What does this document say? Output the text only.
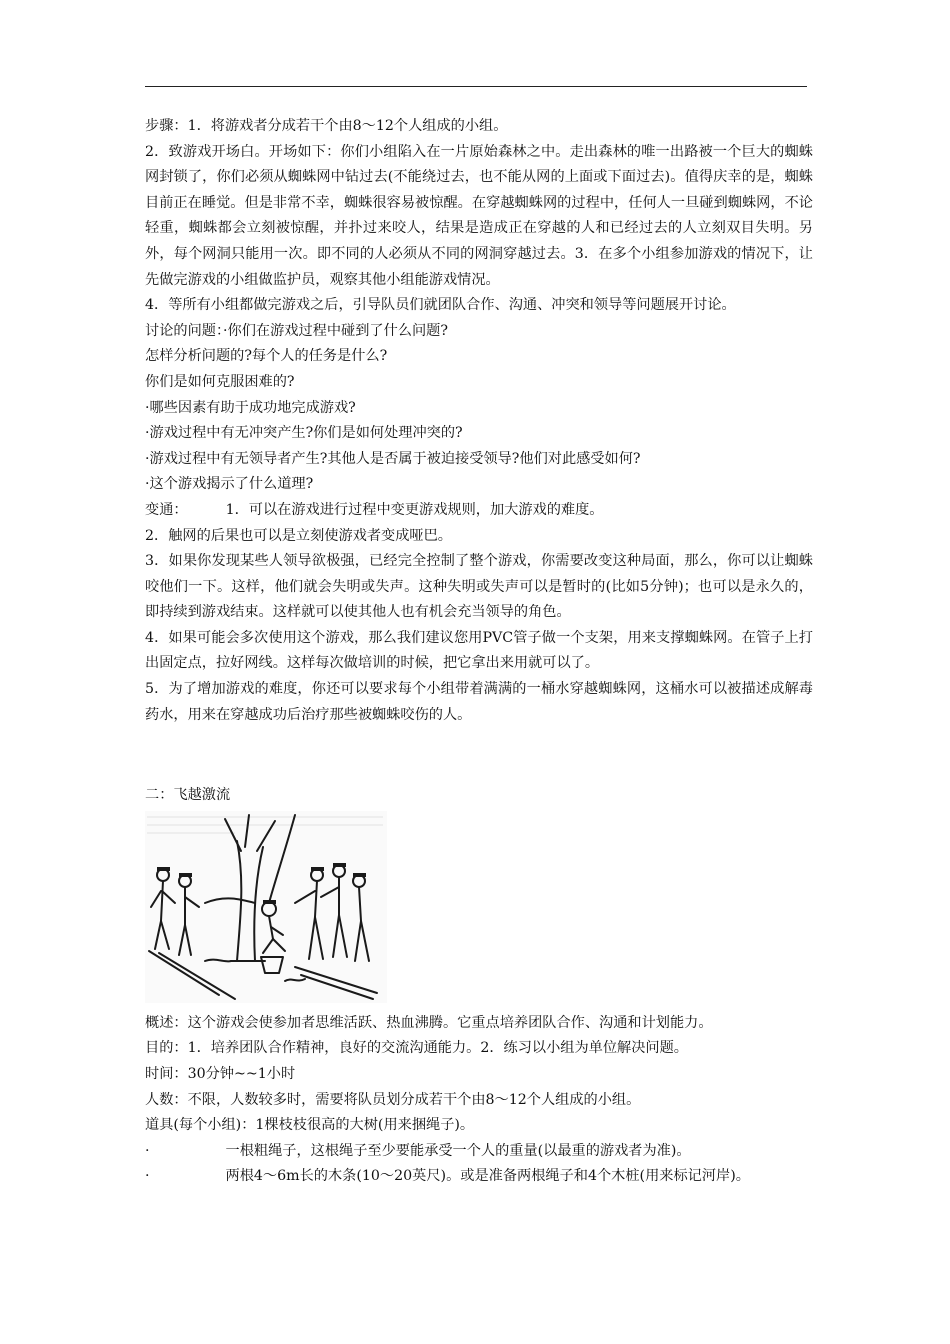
步骤：1．将游戏者分成若干个由8～12个人组成的小组。

2．致游戏开场白。开场如下：你们小组陷入在一片原始森林之中。走出森林的唯一出路被一个巨大的蜘蛛网封锁了，你们必须从蜘蛛网中钻过去(不能绕过去，也不能从网的上面或下面过去)。值得庆幸的是，蜘蛛目前正在睡觉。但是非常不幸，蜘蛛很容易被惊醒。在穿越蜘蛛网的过程中，任何人一旦碰到蜘蛛网，不论轻重，蜘蛛都会立刻被惊醒，并扑过来咬人，结果是造成正在穿越的人和已经过去的人立刻双目失明。另外，每个网洞只能用一次。即不同的人必须从不同的网洞穿越过去。3．在多个小组参加游戏的情况下，让先做完游戏的小组做监护员，观察其他小组能游戏情况。

4．等所有小组都做完游戏之后，引导队员们就团队合作、沟通、冲突和领导等问题展开讨论。

讨论的问题：·你们在游戏过程中碰到了什么问题?

怎样分析问题的?每个人的任务是什么?

你们是如何克服困难的?

·哪些因素有助于成功地完成游戏?

·游戏过程中有无冲突产生?你们是如何处理冲突的?

·游戏过程中有无领导者产生?其他人是否属于被迫接受领导?他们对此感受如何?

·这个游戏揭示了什么道理?

变通：	1．可以在游戏进行过程中变更游戏规则，加大游戏的难度。

2．触网的后果也可以是立刻使游戏者变成哑巴。

3．如果你发现某些人领导欲极强，已经完全控制了整个游戏，你需要改变这种局面，那么，你可以让蜘蛛咬他们一下。这样，他们就会失明或失声。这种失明或失声可以是暂时的(比如5分钟)；也可以是永久的，即持续到游戏结束。这样就可以使其他人也有机会充当领导的角色。

4．如果可能会多次使用这个游戏，那么我们建议您用PVC管子做一个支架，用来支撑蜘蛛网。在管子上打出固定点，拉好网线。这样每次做培训的时候，把它拿出来用就可以了。

5．为了增加游戏的难度，你还可以要求每个小组带着满满的一桶水穿越蜘蛛网，这桶水可以被描述成解毒药水，用来在穿越成功后治疗那些被蜘蛛咬伤的人。

二：飞越激流

概述：这个游戏会使参加者思维活跃、热血沸腾。它重点培养团队合作、沟通和计划能力。

目的：1．培养团队合作精神，良好的交流沟通能力。2．练习以小组为单位解决问题。

时间：30分钟~~1小时

人数：不限，人数较多时，需要将队员划分成若干个由8～12个人组成的小组。

道具(每个小组)：1棵枝枝很高的大树(用来捆绳子)。

·	一根粗绳子，这根绳子至少要能承受一个人的重量(以最重的游戏者为准)。

·	两根4～6m长的木条(10～20英尺)。或是准备两根绳子和4个木桩(用来标记河岸)。
